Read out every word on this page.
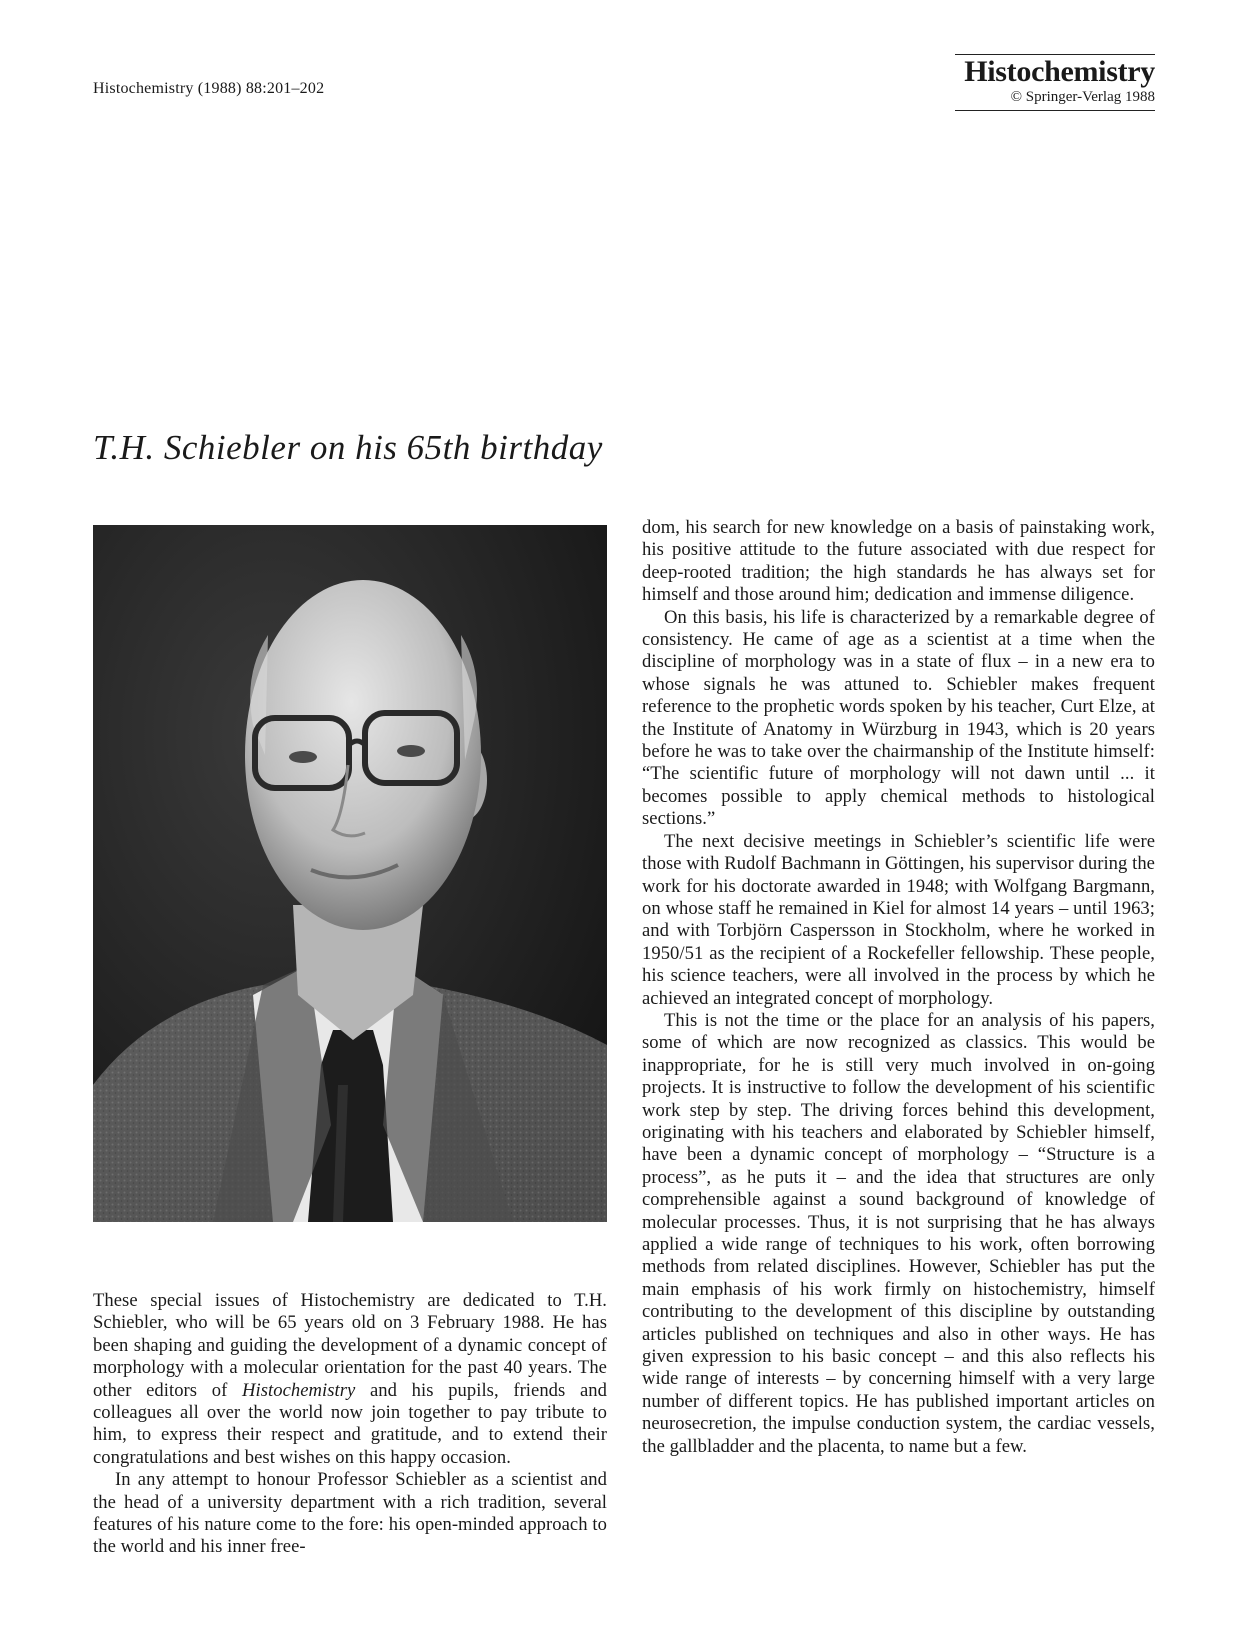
Histochemistry (1988) 88:201–202
Histochemistry
© Springer-Verlag 1988
T.H. Schiebler on his 65th birthday

These special issues of Histochemistry are dedicated to T.H. Schiebler, who will be 65 years old on 3 February 1988. He has been shaping and guiding the development of a dynamic concept of morphology with a molecular orientation for the past 40 years. The other editors of Histochemistry and his pupils, friends and colleagues all over the world now join together to pay tribute to him, to express their respect and gratitude, and to extend their congratulations and best wishes on this happy occasion.

In any attempt to honour Professor Schiebler as a scientist and the head of a university department with a rich tradition, several features of his nature come to the fore: his open-minded approach to the world and his inner free-

dom, his search for new knowledge on a basis of painstaking work, his positive attitude to the future associated with due respect for deep-rooted tradition; the high standards he has always set for himself and those around him; dedication and immense diligence.

On this basis, his life is characterized by a remarkable degree of consistency. He came of age as a scientist at a time when the discipline of morphology was in a state of flux – in a new era to whose signals he was attuned to. Schiebler makes frequent reference to the prophetic words spoken by his teacher, Curt Elze, at the Institute of Anatomy in Würzburg in 1943, which is 20 years before he was to take over the chairmanship of the Institute himself: “The scientific future of morphology will not dawn until ... it becomes possible to apply chemical methods to histological sections.”

The next decisive meetings in Schiebler’s scientific life were those with Rudolf Bachmann in Göttingen, his supervisor during the work for his doctorate awarded in 1948; with Wolfgang Bargmann, on whose staff he remained in Kiel for almost 14 years – until 1963; and with Torbjörn Caspersson in Stockholm, where he worked in 1950/51 as the recipient of a Rockefeller fellowship. These people, his science teachers, were all involved in the process by which he achieved an integrated concept of morphology.

This is not the time or the place for an analysis of his papers, some of which are now recognized as classics. This would be inappropriate, for he is still very much involved in on-going projects. It is instructive to follow the development of his scientific work step by step. The driving forces behind this development, originating with his teachers and elaborated by Schiebler himself, have been a dynamic concept of morphology – “Structure is a process”, as he puts it – and the idea that structures are only comprehensible against a sound background of knowledge of molecular processes. Thus, it is not surprising that he has always applied a wide range of techniques to his work, often borrowing methods from related disciplines. However, Schiebler has put the main emphasis of his work firmly on histochemistry, himself contributing to the development of this discipline by outstanding articles published on techniques and also in other ways. He has given expression to his basic concept – and this also reflects his wide range of interests – by concerning himself with a very large number of different topics. He has published important articles on neurosecretion, the impulse conduction system, the cardiac vessels, the gallbladder and the placenta, to name but a few.
